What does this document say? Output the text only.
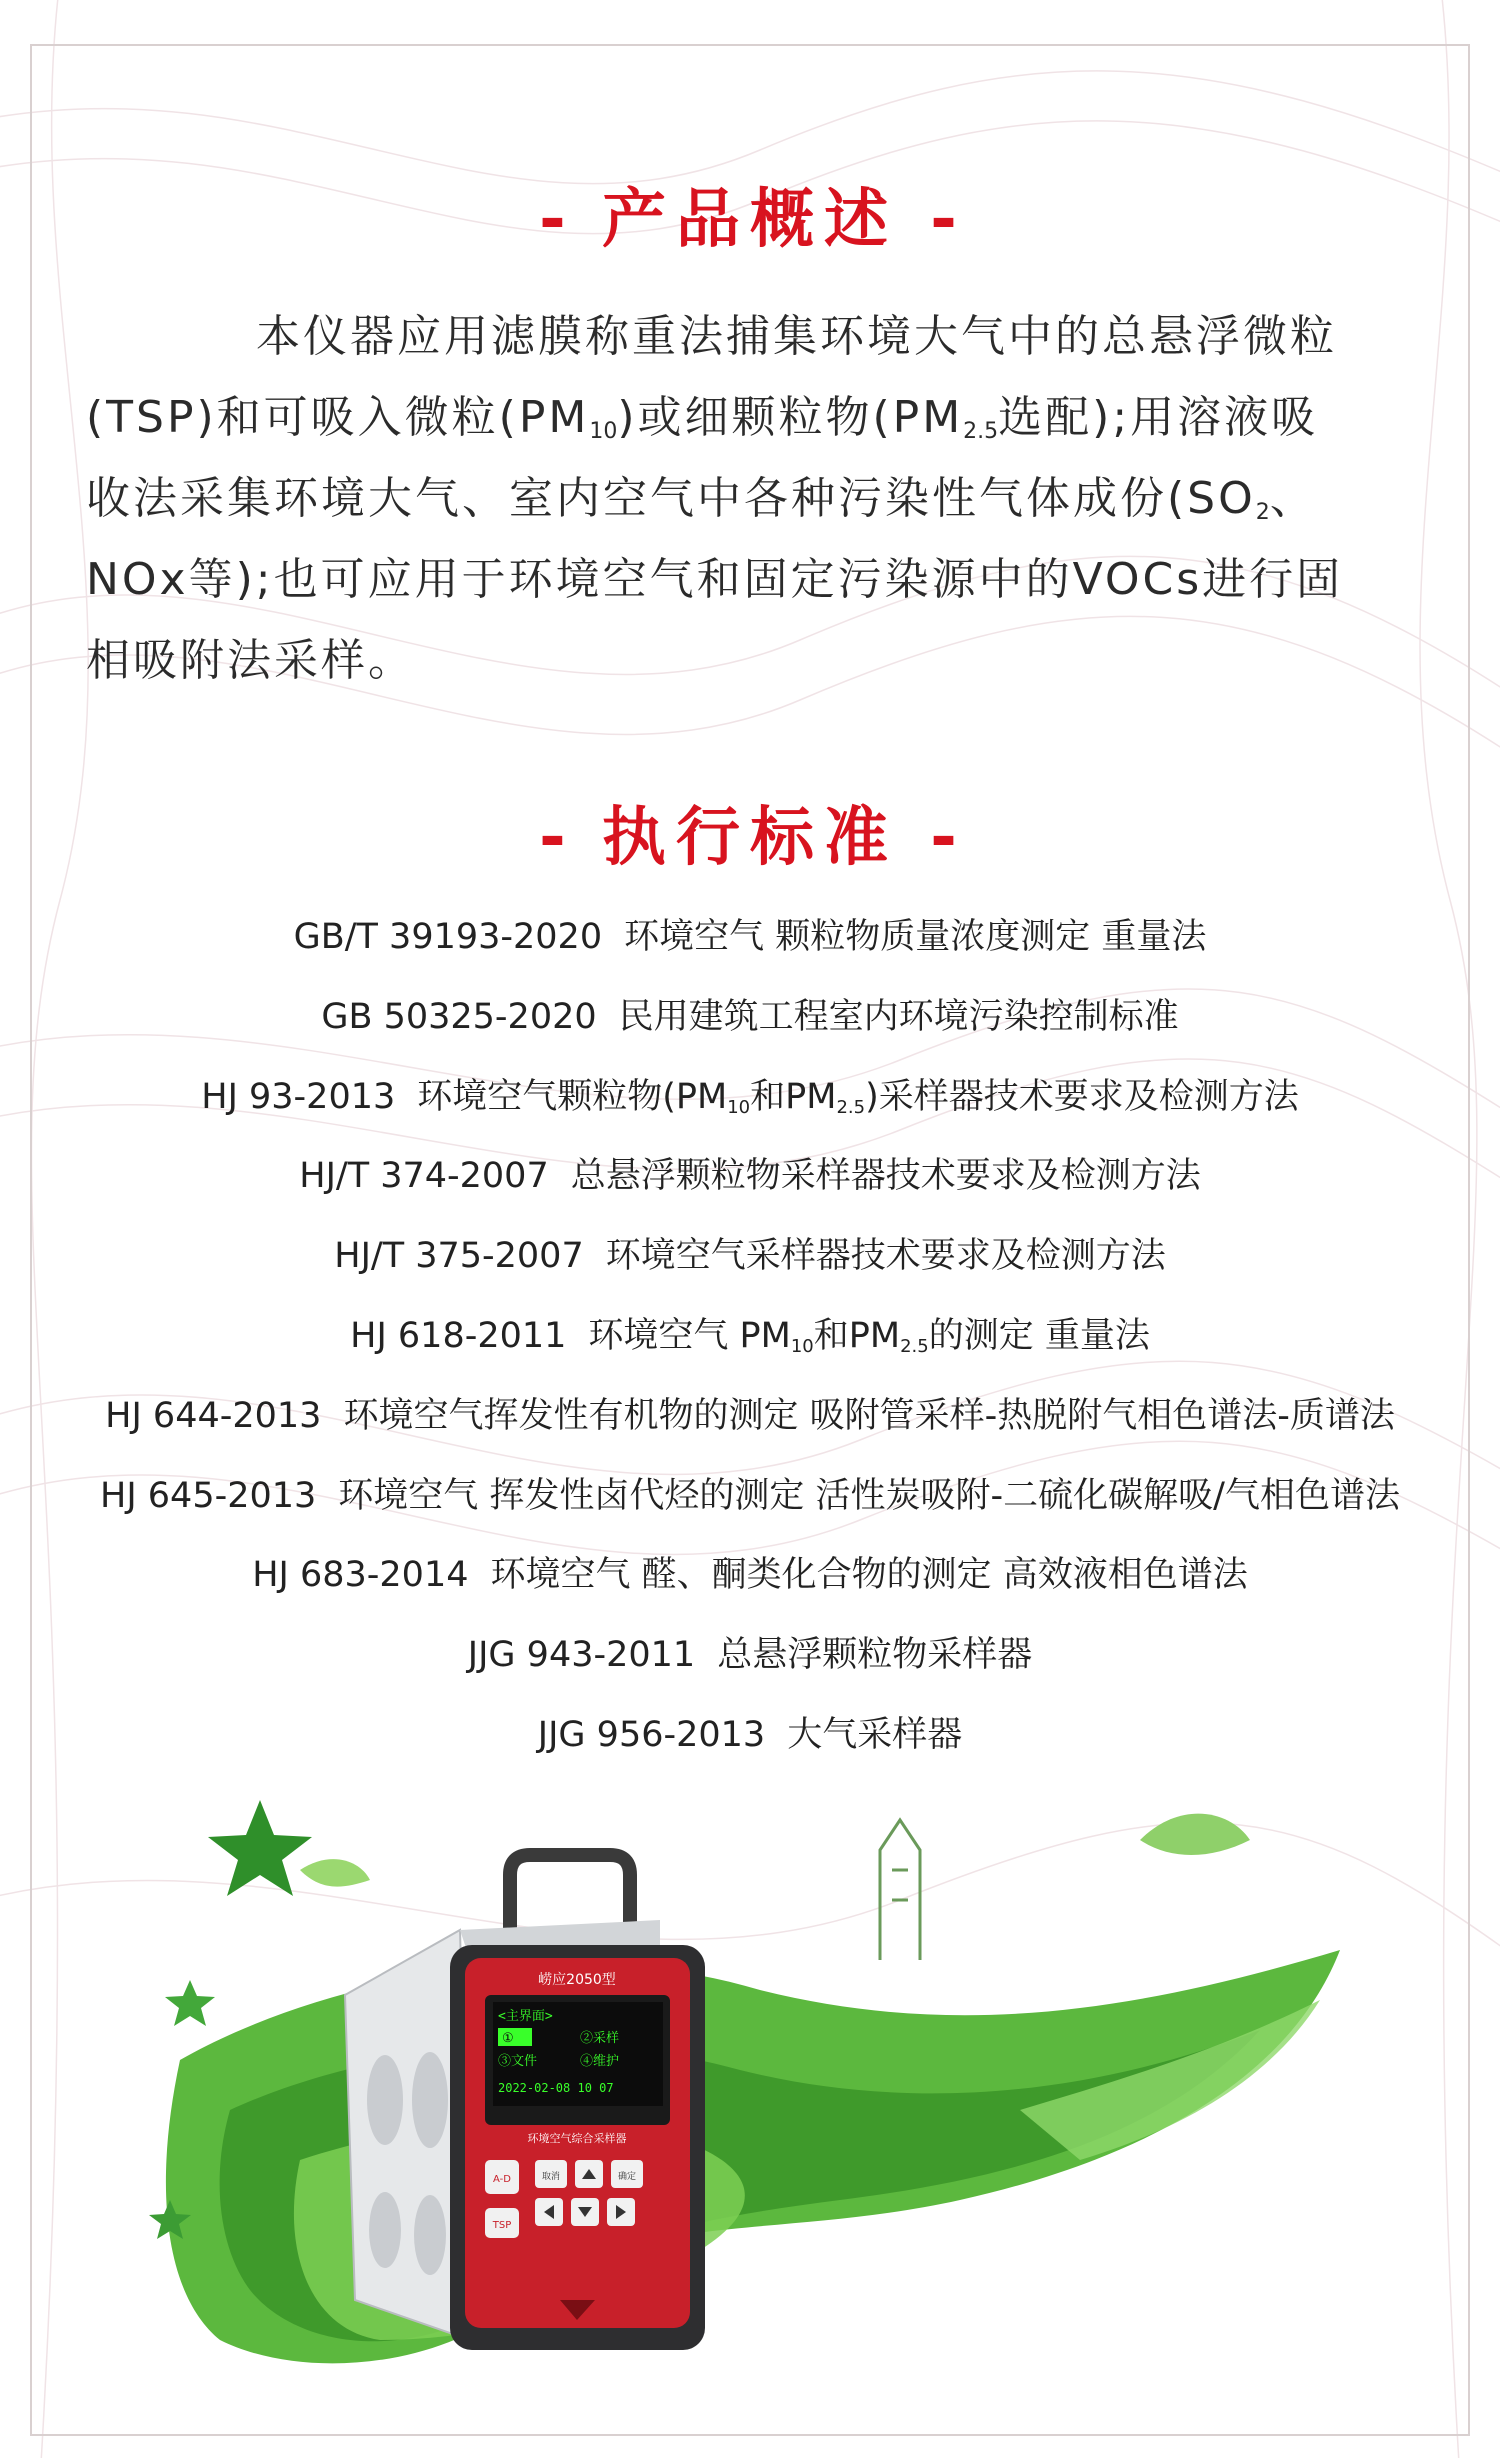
- 产品概述 -
本仪器应用滤膜称重法捕集环境大气中的总悬浮微粒
(TSP)和可吸入微粒$(PM_{10})$或细颗粒物($PM_{2.5}$选配);用溶液吸
收法采集环境大气、室内空气中各种污染性气体成份($SO_2$、
NOx等);也可应用于环境空气和固定污染源中的VOCs进行固
相吸附法采样。
- 执行标准 -
GB/T 39193-2020 环境空气 颗粒物质量浓度测定 重量法
GB 50325-2020 民用建筑工程室内环境污染控制标准
HJ 93-2013 环境空气颗粒物($PM_{10}$和$PM_{2.5}$)采样器技术要求及检测方法
HJ/T 374-2007 总悬浮颗粒物采样器技术要求及检测方法
HJ/T 375-2007 环境空气采样器技术要求及检测方法
HJ 618-2011 环境空气 $PM_{10}$和$PM_{2.5}$的测定 重量法
HJ 644-2013 环境空气挥发性有机物的测定 吸附管采样-热脱附气相色谱法-质谱法
HJ 645-2013 环境空气 挥发性卤代烃的测定 活性炭吸附-二硫化碳解吸/气相色谱法
HJ 683-2014 环境空气 醛、酮类化合物的测定 高效液相色谱法
JJG 943-2011 总悬浮颗粒物采样器
JJG 956-2013 大气采样器
崂应2050型
<主界面>
①	②采样
③文件	④维护
2022-02-08 10 07
环境空气综合采样器
A-D
TSP
取消	确定
